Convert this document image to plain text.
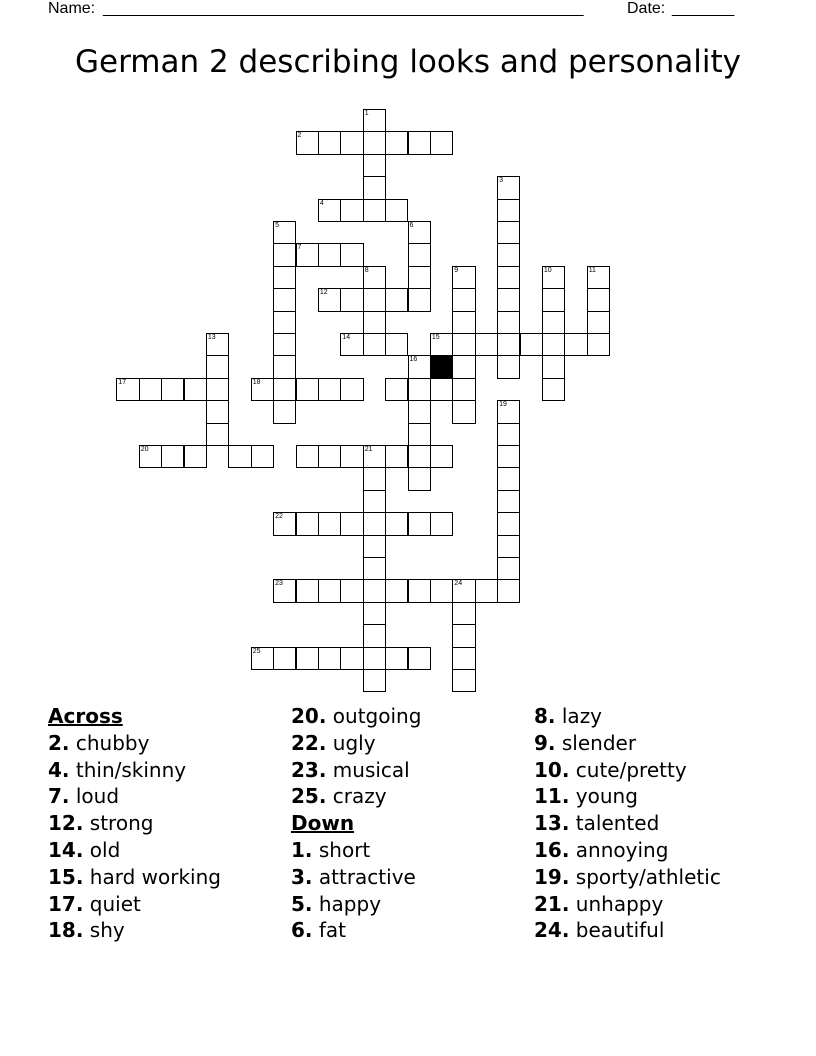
Name: ______________________________________________________	Date: _______
German 2 describing looks and personality
1
2
3
4
5	6
7
8	9	10	11
12
13	14	15
16
17	18
19
20	21
22
23	24
25
Across
2. chubby
4. thin/skinny
7. loud
12. strong
14. old
15. hard working
17. quiet
18. shy
20. outgoing
22. ugly
23. musical
25. crazy
Down
1. short
3. attractive
5. happy
6. fat
8. lazy
9. slender
10. cute/pretty
11. young
13. talented
16. annoying
19. sporty/athletic
21. unhappy
24. beautiful
